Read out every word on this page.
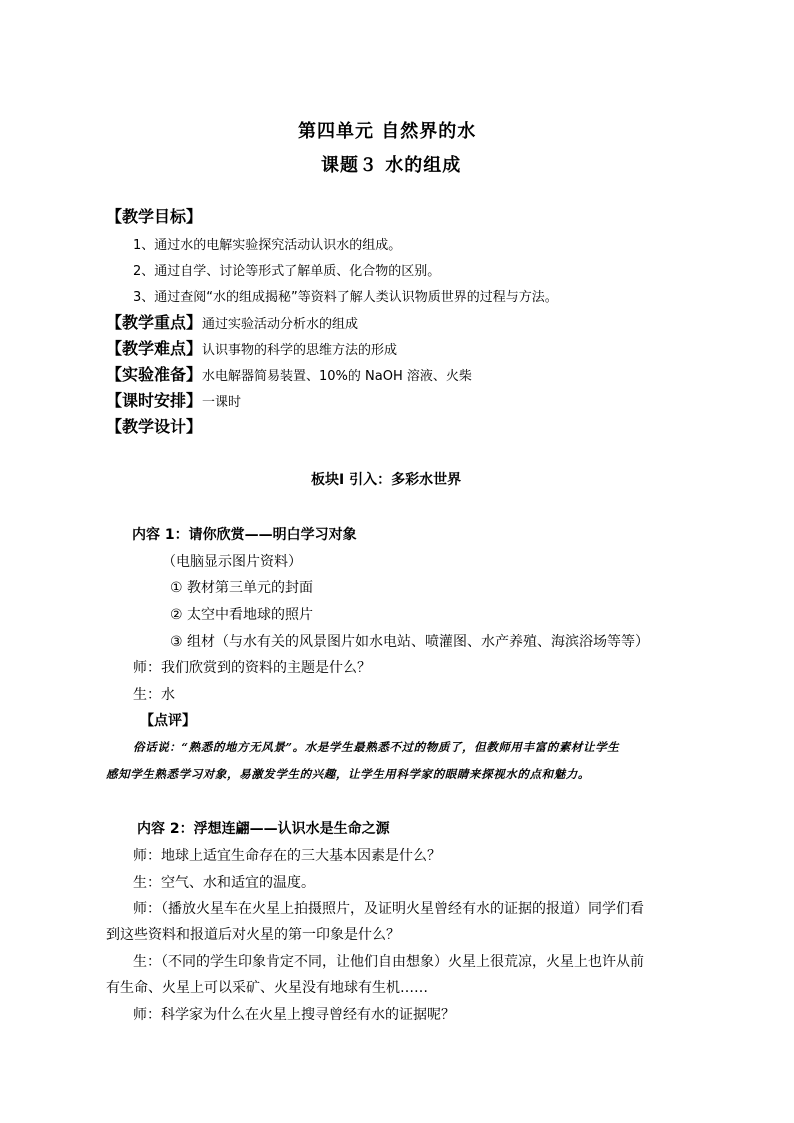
第四单元 自然界的水
课题３ 水的组成
【教学目标】
1、通过水的电解实验探究活动认识水的组成。
2、通过自学、讨论等形式了解单质、化合物的区别。
3、通过查阅“水的组成揭秘”等资料了解人类认识物质世界的过程与方法。
【教学重点】通过实验活动分析水的组成
【教学难点】认识事物的科学的思维方法的形成
【实验准备】水电解器简易装置、10%的 NaOH 溶液、火柴
【课时安排】一课时
【教学设计】
板块Ⅰ 引入：多彩水世界
内容 1：请你欣赏——明白学习对象
（电脑显示图片资料）
① 教材第三单元的封面
② 太空中看地球的照片
③ 组材（与水有关的风景图片如水电站、喷灌图、水产养殖、海滨浴场等等）
师：我们欣赏到的资料的主题是什么？
生：水
【点评】
俗话说：“熟悉的地方无风景”。水是学生最熟悉不过的物质了，但教师用丰富的素材让学生
感知学生熟悉学习对象，易激发学生的兴趣，让学生用科学家的眼睛来探视水的点和魅力。
内容 2：浮想连翩——认识水是生命之源
师：地球上适宜生命存在的三大基本因素是什么？
生：空气、水和适宜的温度。
师：（播放火星车在火星上拍摄照片，及证明火星曾经有水的证据的报道）同学们看
到这些资料和报道后对火星的第一印象是什么？
生：（不同的学生印象肯定不同，让他们自由想象）火星上很荒凉，火星上也许从前
有生命、火星上可以采矿、火星没有地球有生机……
师：科学家为什么在火星上搜寻曾经有水的证据呢？
